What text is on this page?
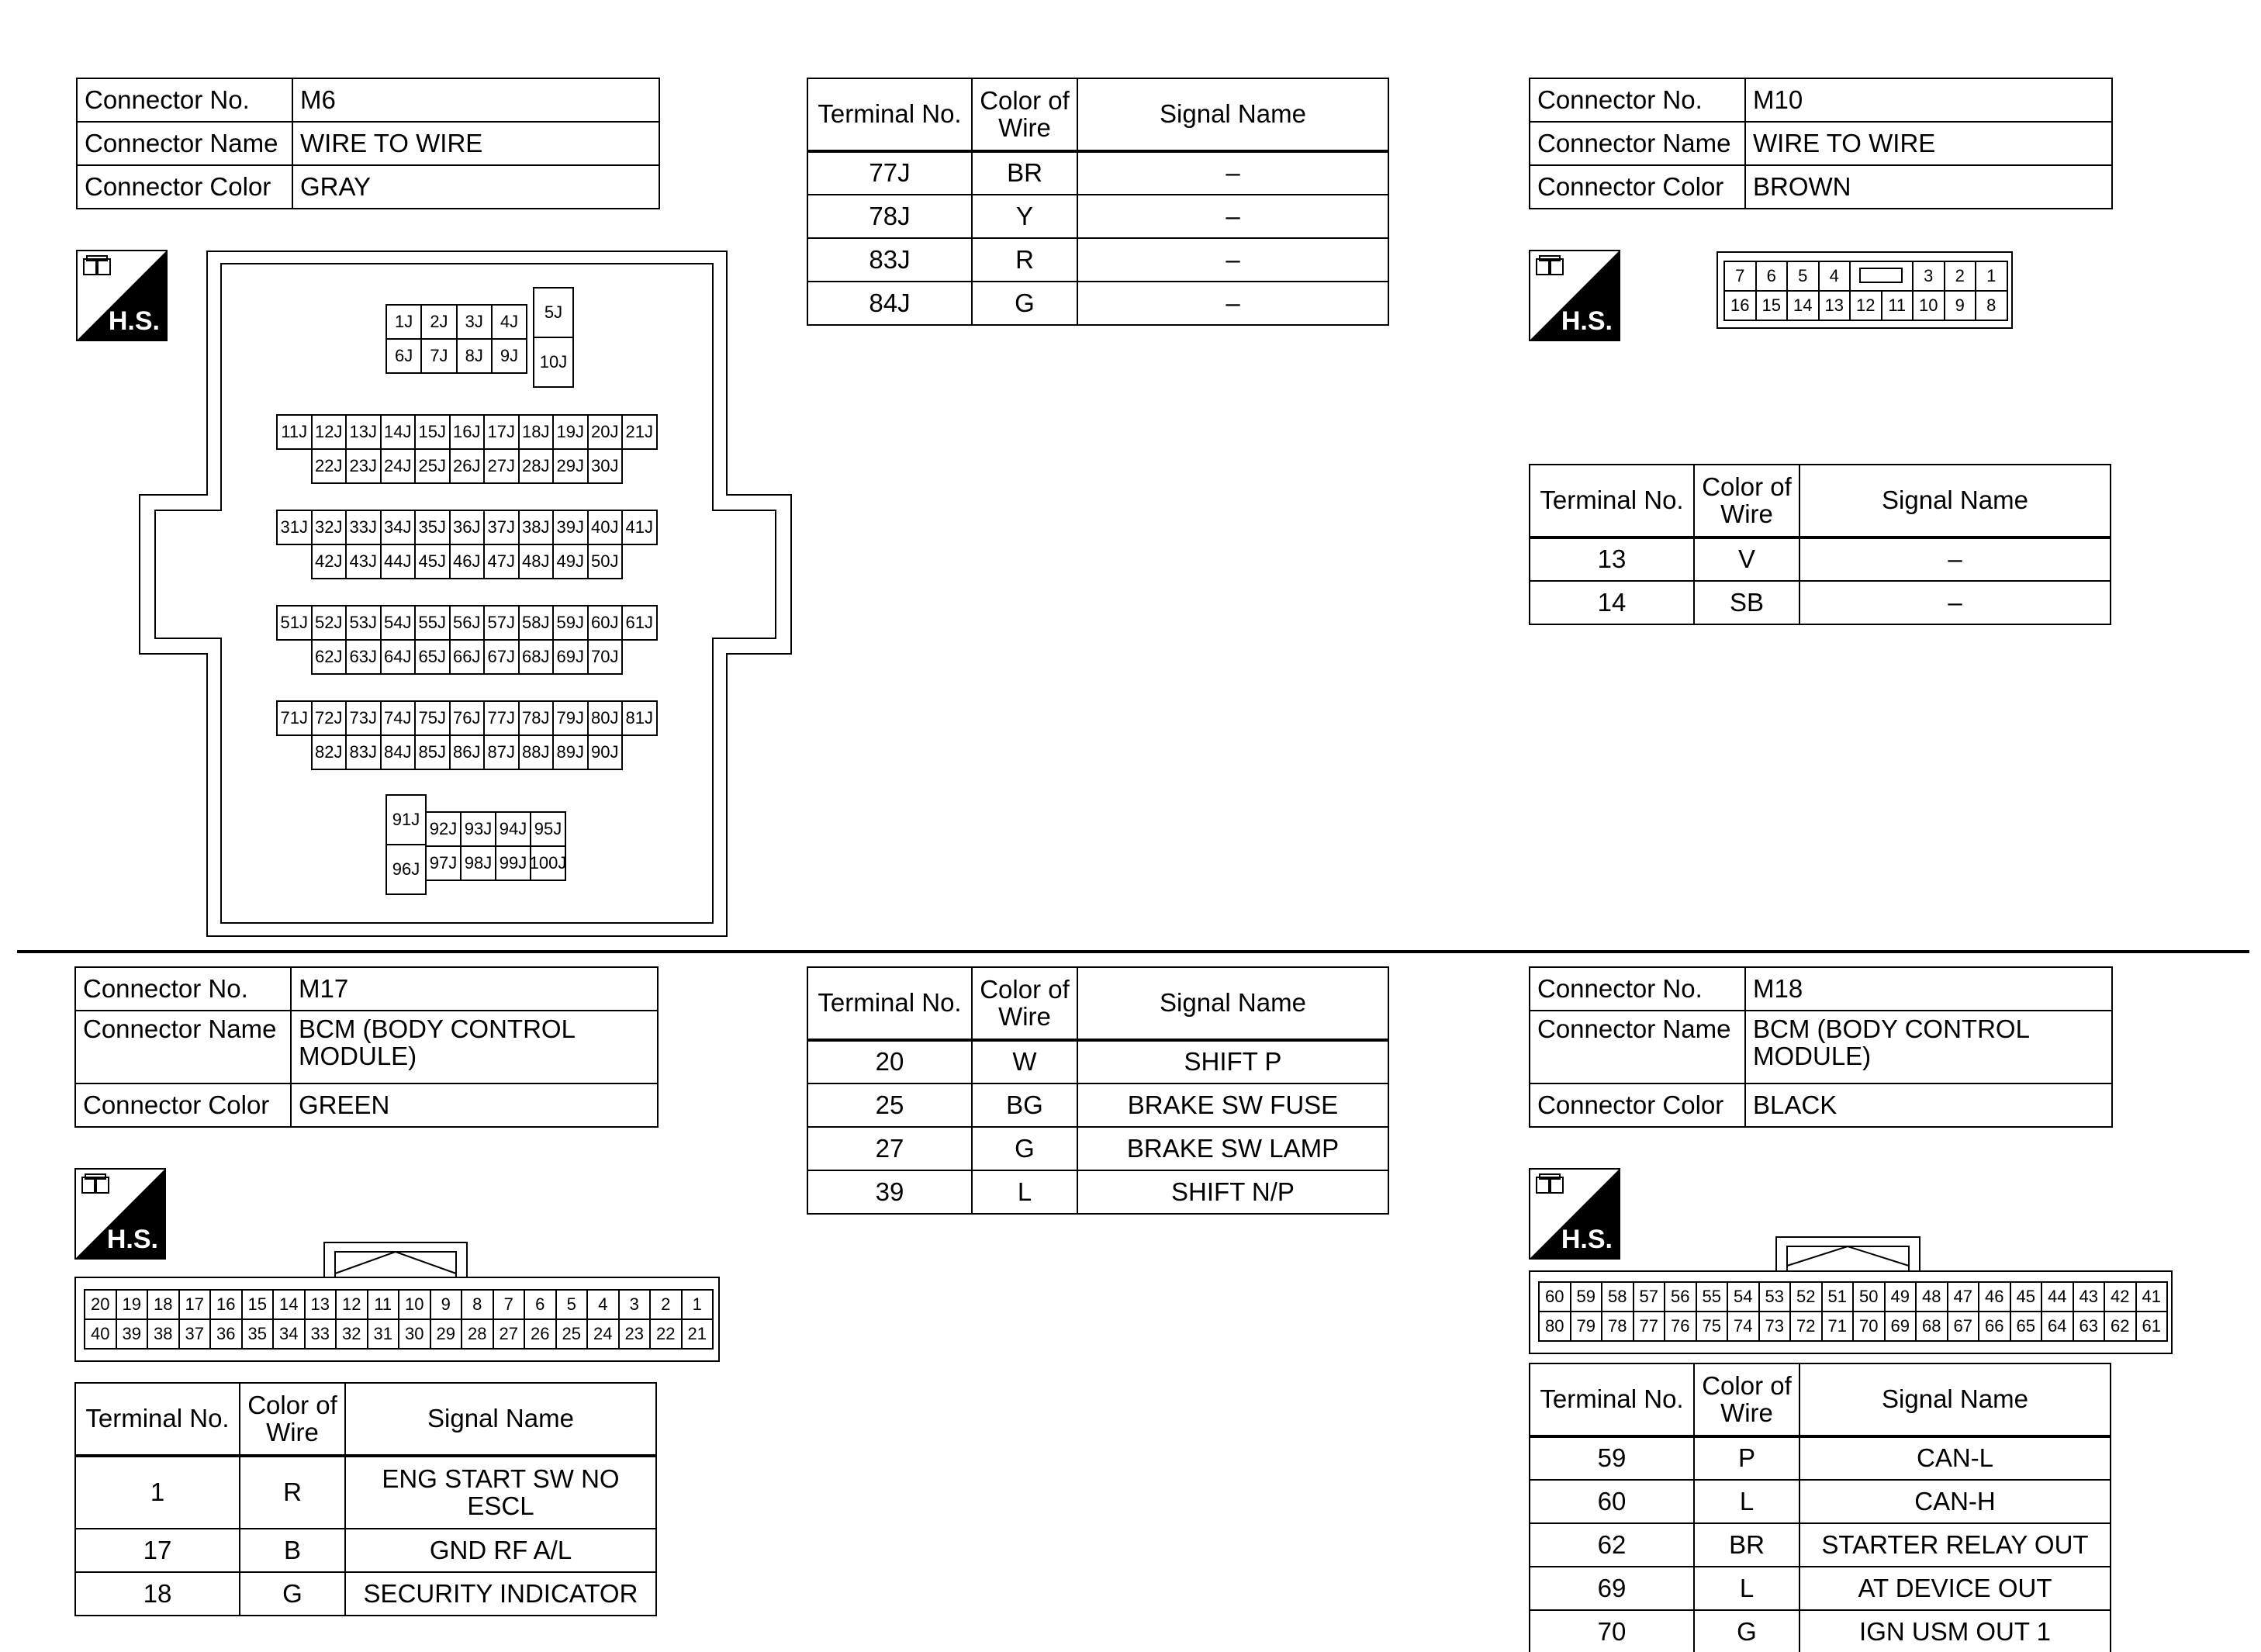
Connector No.	M6
Connector Name	WIRE TO WIRE
Connector Color	GRAY
H.S.
Terminal No.	Color of Wire	Signal Name
77J	BR	–
78J	Y	–
83J	R	–
84J	G	–
Connector No.	M10
Connector Name	WIRE TO WIRE
Connector Color	BROWN
H.S.
Terminal No.	Color of Wire	Signal Name
13	V	–
14	SB	–
Connector No.	M17
Connector Name	BCM (BODY CONTROL MODULE)
Connector Color	GREEN
H.S.
Terminal No.	Color of Wire	Signal Name
1	R	ENG START SW NO ESCL
17	B	GND RF A/L
18	G	SECURITY INDICATOR
Terminal No.	Color of Wire	Signal Name
20	W	SHIFT P
25	BG	BRAKE SW FUSE
27	G	BRAKE SW LAMP
39	L	SHIFT N/P
Connector No.	M18
Connector Name	BCM (BODY CONTROL MODULE)
Connector Color	BLACK
H.S.
Terminal No.	Color of Wire	Signal Name
59	P	CAN-L
60	L	CAN-H
62	BR	STARTER RELAY OUT
69	L	AT DEVICE OUT
70	G	IGN USM OUT 1
1J	2J	3J	4J
6J	7J	8J	9J
5J
10J
11J 12J 13J 14J 15J 16J 17J 18J 19J 20J 21J
22J 23J 24J 25J 26J 27J 28J 29J 30J
31J 32J 33J 34J 35J 36J 37J 38J 39J 40J 41J
42J 43J 44J 45J 46J 47J 48J 49J 50J
51J 52J 53J 54J 55J 56J 57J 58J 59J 60J 61J
62J 63J 64J 65J 66J 67J 68J 69J 70J
71J 72J 73J 74J 75J 76J 77J 78J 79J 80J 81J
82J 83J 84J 85J 86J 87J 88J 89J 90J
91J
96J
92J 93J 94J 95J
97J 98J 99J 100J
7	6	5	4	3	2	1
16 15 14 13 12 11 10	9	8
20 19 18 17 16 15 14 13 12 11 10	9	8	7	6	5	4	3	2	1
40 39 38 37 36 35 34 33 32 31 30 29 28 27 26 25 24 23 22 21
60 59 58 57 56 55 54 53 52 51 50 49 48 47 46 45 44 43 42 41
80 79 78 77 76 75 74 73 72 71 70 69 68 67 66 65 64 63 62 61
